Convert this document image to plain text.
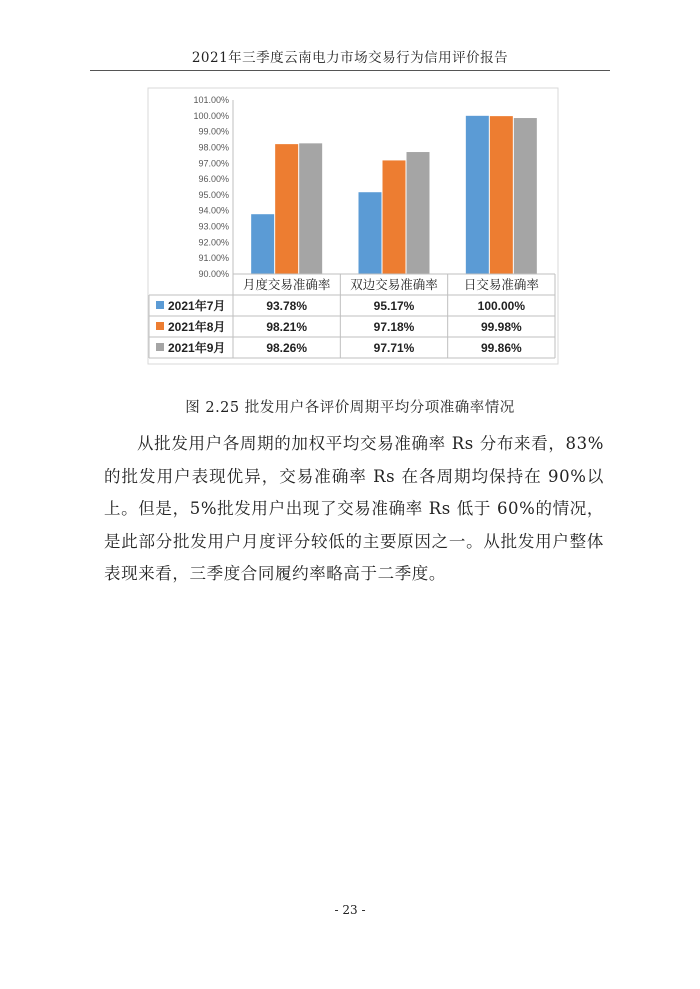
2021年三季度云南电力市场交易行为信用评价报告
90.00%
91.00%
92.00%
93.00%
94.00%
95.00%
96.00%
97.00%
98.00%
99.00%
100.00%
101.00%
月度交易准确率 双边交易准确率 日交易准确率
2021年7月	93.78%	95.17%	100.00%
2021年8月	98.21%	97.18%	99.98%
2021年9月	98.26%	97.71%	99.86%
图 2.25 批发用户各评价周期平均分项准确率情况

从批发用户各周期的加权平均交易准确率 Rs 分布来看，83%的批发用户表现优异，交易准确率 Rs 在各周期均保持在 90%以上。但是，5%批发用户出现了交易准确率 Rs 低于 60%的情况，是此部分批发用户月度评分较低的主要原因之一。从批发用户整体表现来看，三季度合同履约率略高于二季度。

- 23 -
